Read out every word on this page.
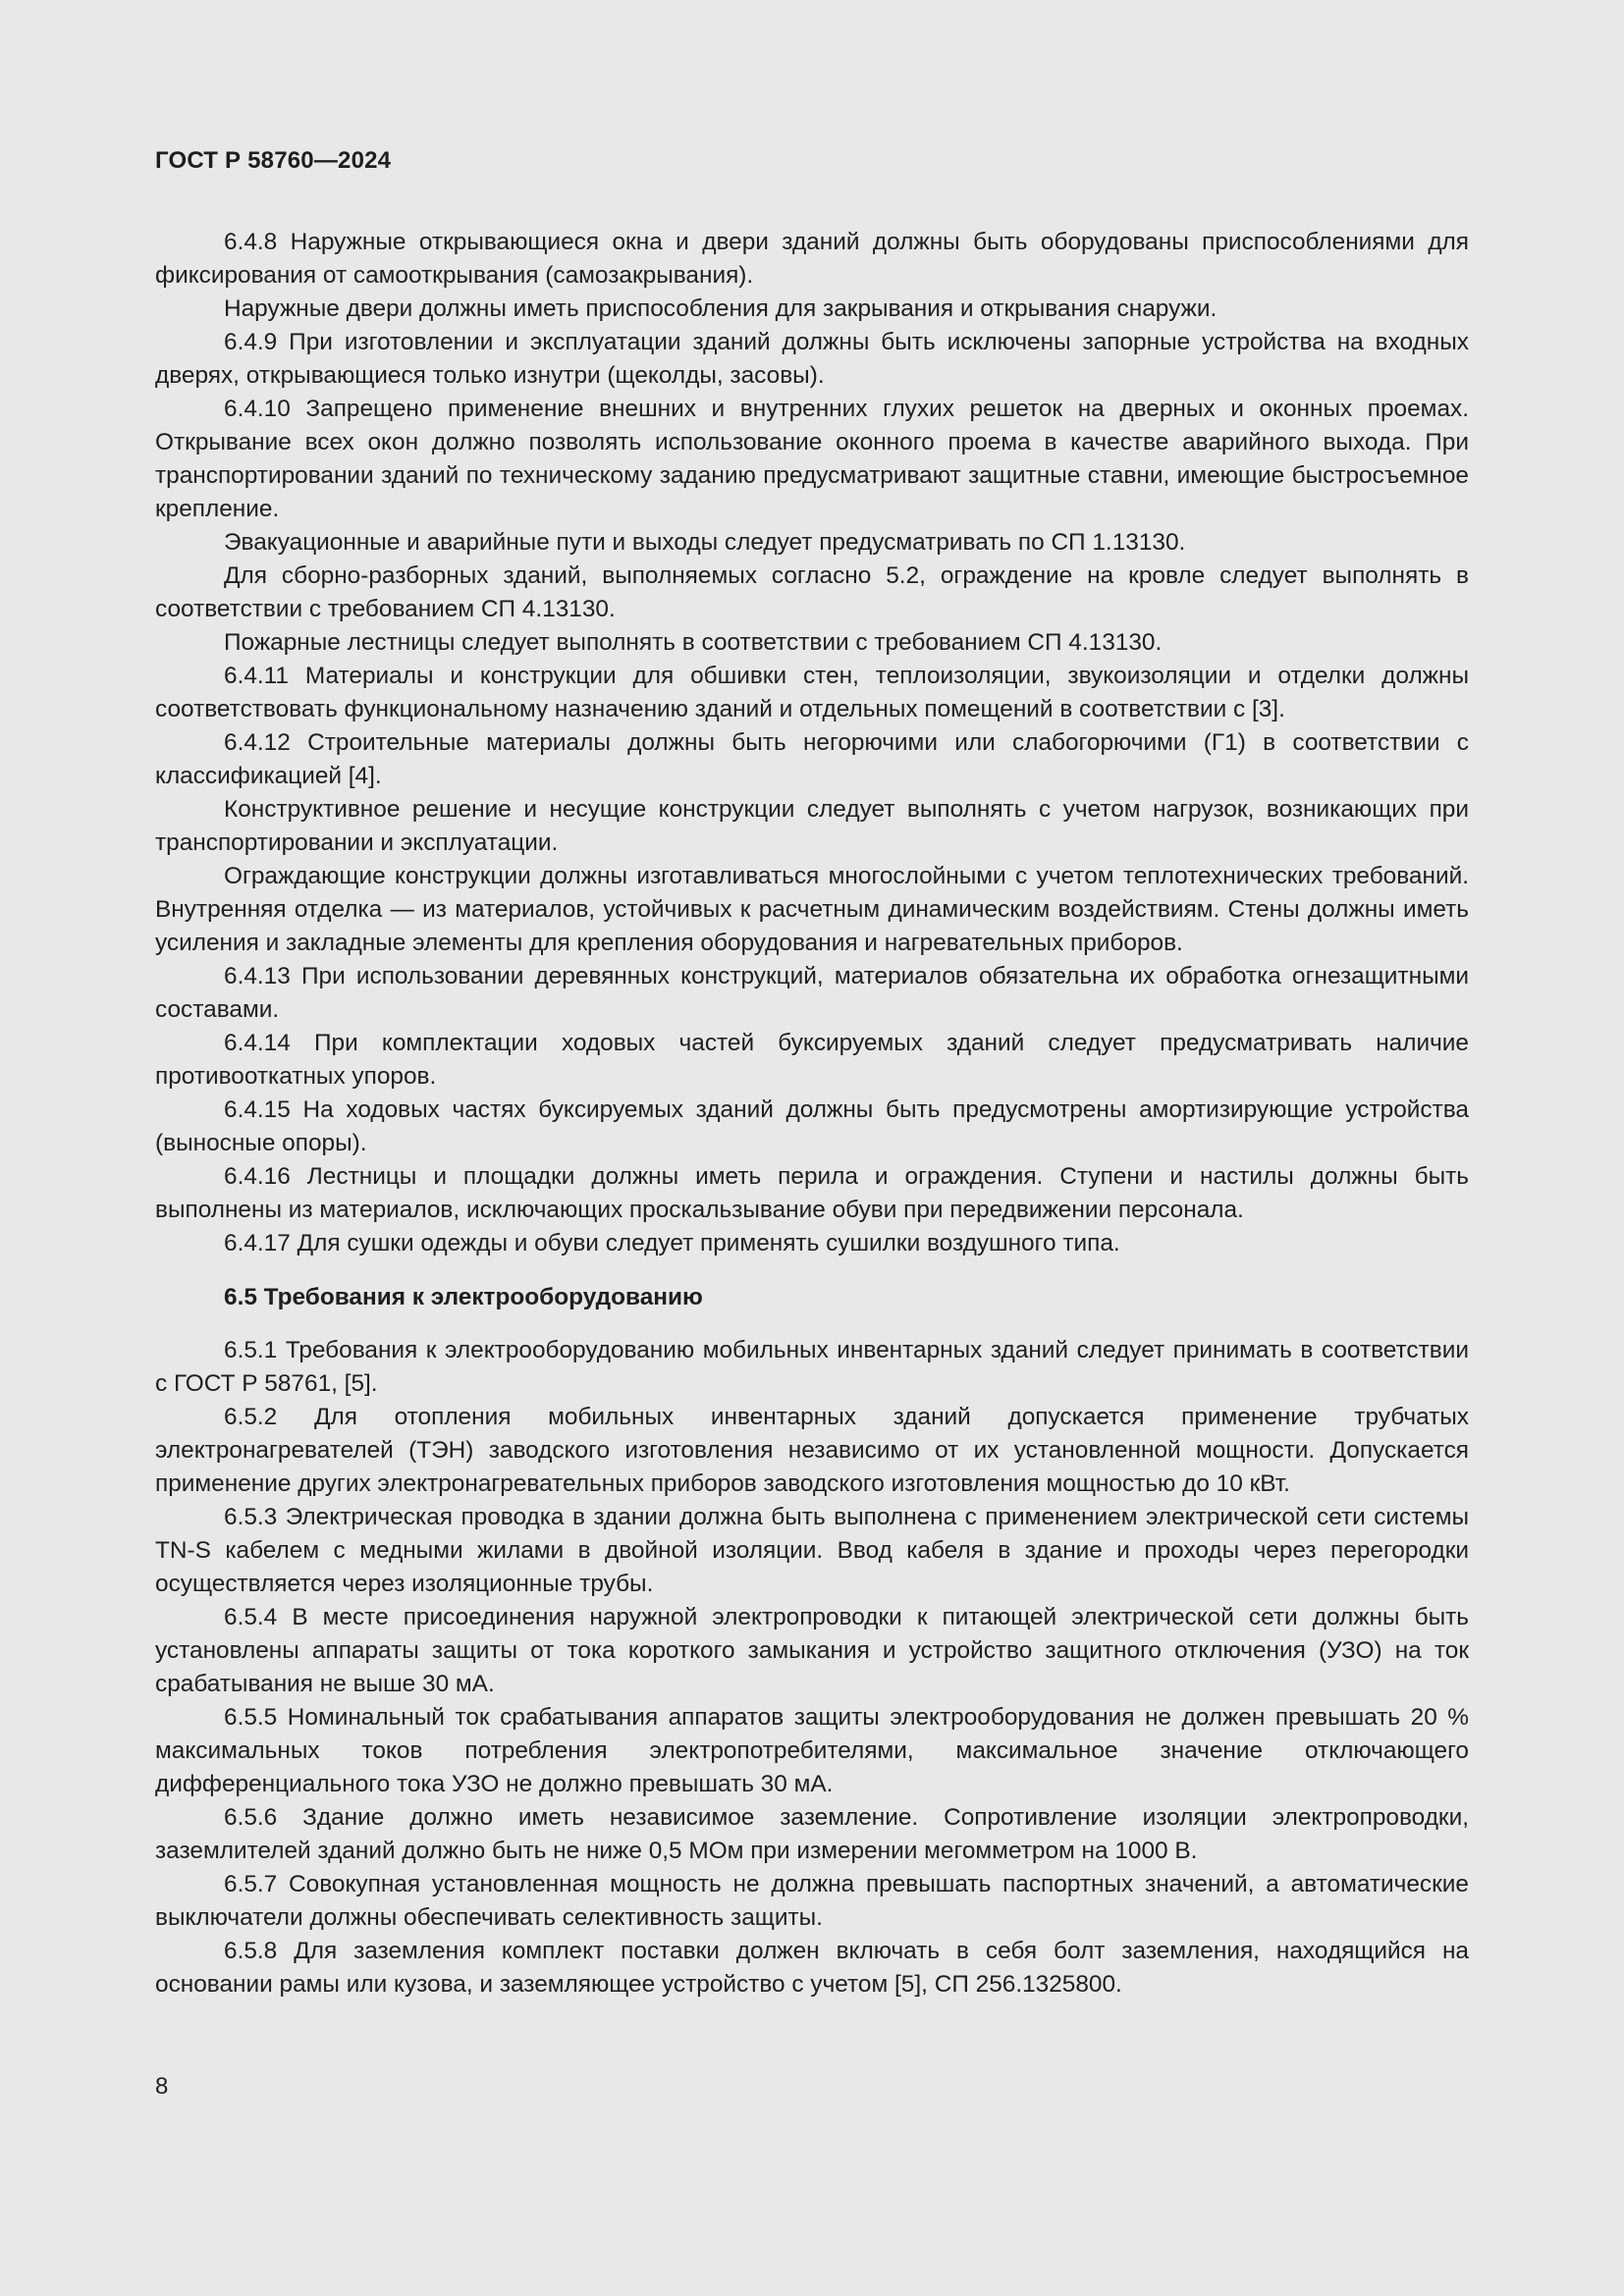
ГОСТ Р 58760—2024

6.4.8 Наружные открывающиеся окна и двери зданий должны быть оборудованы приспособлениями для фиксирования от самооткрывания (самозакрывания).

Наружные двери должны иметь приспособления для закрывания и открывания снаружи.

6.4.9 При изготовлении и эксплуатации зданий должны быть исключены запорные устройства на входных дверях, открывающиеся только изнутри (щеколды, засовы).

6.4.10 Запрещено применение внешних и внутренних глухих решеток на дверных и оконных проемах. Открывание всех окон должно позволять использование оконного проема в качестве аварийного выхода. При транспортировании зданий по техническому заданию предусматривают защитные ставни, имеющие быстросъемное крепление.

Эвакуационные и аварийные пути и выходы следует предусматривать по СП 1.13130.

Для сборно-разборных зданий, выполняемых согласно 5.2, ограждение на кровле следует выполнять в соответствии с требованием СП 4.13130.

Пожарные лестницы следует выполнять в соответствии с требованием СП 4.13130.

6.4.11 Материалы и конструкции для обшивки стен, теплоизоляции, звукоизоляции и отделки должны соответствовать функциональному назначению зданий и отдельных помещений в соответствии с [3].

6.4.12 Строительные материалы должны быть негорючими или слабогорючими (Г1) в соответствии с классификацией [4].

Конструктивное решение и несущие конструкции следует выполнять с учетом нагрузок, возникающих при транспортировании и эксплуатации.

Ограждающие конструкции должны изготавливаться многослойными с учетом теплотехнических требований. Внутренняя отделка — из материалов, устойчивых к расчетным динамическим воздействиям. Стены должны иметь усиления и закладные элементы для крепления оборудования и нагревательных приборов.

6.4.13 При использовании деревянных конструкций, материалов обязательна их обработка огнезащитными составами.

6.4.14 При комплектации ходовых частей буксируемых зданий следует предусматривать наличие противооткатных упоров.

6.4.15 На ходовых частях буксируемых зданий должны быть предусмотрены амортизирующие устройства (выносные опоры).

6.4.16 Лестницы и площадки должны иметь перила и ограждения. Ступени и настилы должны быть выполнены из материалов, исключающих проскальзывание обуви при передвижении персонала.

6.4.17 Для сушки одежды и обуви следует применять сушилки воздушного типа.

6.5 Требования к электрооборудованию

6.5.1 Требования к электрооборудованию мобильных инвентарных зданий следует принимать в соответствии с ГОСТ Р 58761, [5].

6.5.2 Для отопления мобильных инвентарных зданий допускается применение трубчатых электронагревателей (ТЭН) заводского изготовления независимо от их установленной мощности. Допускается применение других электронагревательных приборов заводского изготовления мощностью до 10 кВт.

6.5.3 Электрическая проводка в здании должна быть выполнена с применением электрической сети системы TN-S кабелем с медными жилами в двойной изоляции. Ввод кабеля в здание и проходы через перегородки осуществляется через изоляционные трубы.

6.5.4 В месте присоединения наружной электропроводки к питающей электрической сети должны быть установлены аппараты защиты от тока короткого замыкания и устройство защитного отключения (УЗО) на ток срабатывания не выше 30 мА.

6.5.5 Номинальный ток срабатывания аппаратов защиты электрооборудования не должен превышать 20 % максимальных токов потребления электропотребителями, максимальное значение отключающего дифференциального тока УЗО не должно превышать 30 мА.

6.5.6 Здание должно иметь независимое заземление. Сопротивление изоляции электропроводки, заземлителей зданий должно быть не ниже 0,5 МОм при измерении мегомметром на 1000 В.

6.5.7 Совокупная установленная мощность не должна превышать паспортных значений, а автоматические выключатели должны обеспечивать селективность защиты.

6.5.8 Для заземления комплект поставки должен включать в себя болт заземления, находящийся на основании рамы или кузова, и заземляющее устройство с учетом [5], СП 256.1325800.

8
